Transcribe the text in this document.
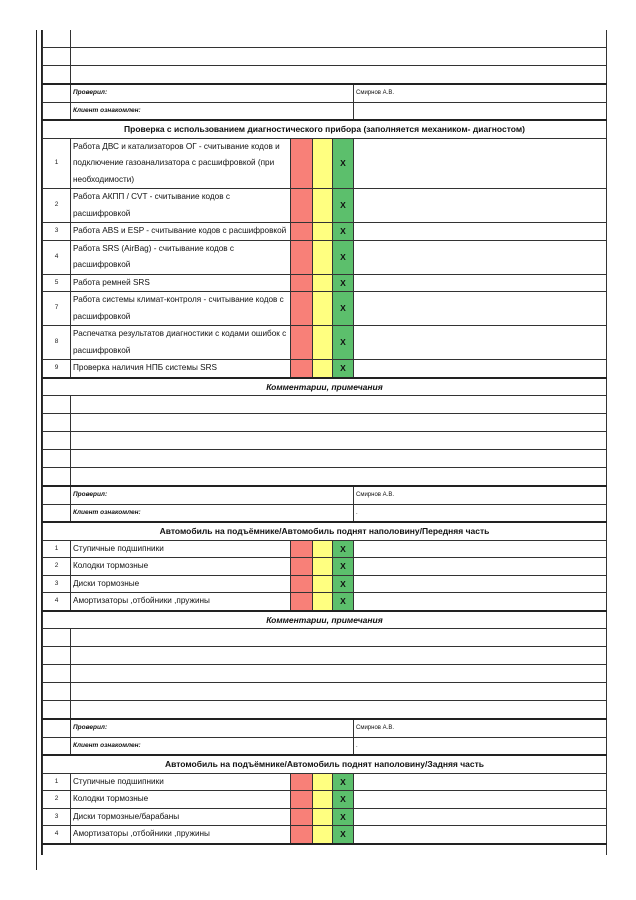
	Проверил:				Смирнов А.В.
	Клиент ознакомлен:				
Проверка с использованием диагностического прибора (заполняется механиком- диагностом)					
1	Работа ДВС и катализаторов ОГ - считывание кодов и подключение газоанализатора с расшифровкой (при необходимости)			X	
2	Работа АКПП / CVT - считывание кодов с расшифровкой			X	
3	Работа ABS и ESP - считывание кодов с расшифровкой			X	
4	Работа SRS (AirBag) - считывание кодов с расшифровкой			X	
5	Работа ремней SRS			X	
7	Работа системы климат-контроля - считывание кодов с расшифровкой			X	
8	Распечатка результатов диагностики с кодами ошибок с расшифровкой			X	
9	Проверка наличия НПБ системы SRS			X	
Комментарии, примечания					

	Проверил:				Смирнов А.В.
	Клиент ознакомлен:				.
Автомобиль на подъёмнике/Автомобиль поднят наполовину/Передняя часть					
1	Ступичные подшипники			X	
2	Колодки тормозные			X	
3	Диски тормозные			X	
4	Амортизаторы ,отбойники ,пружины			X	
Комментарии, примечания					

	Проверил:				Смирнов А.В.
	Клиент ознакомлен:				.
Автомобиль на подъёмнике/Автомобиль поднят наполовину/Задняя часть					
1	Ступичные подшипники			X	
2	Колодки тормозные			X	
3	Диски тормозные/барабаны			X	
4	Амортизаторы ,отбойники ,пружины			X	
